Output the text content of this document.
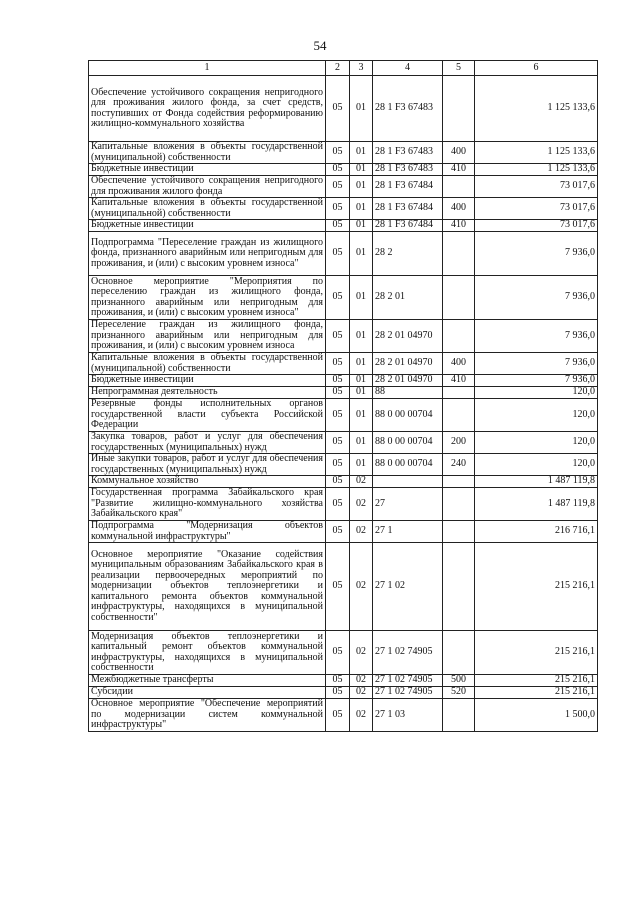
54
1	2	3	4	5	6
Обеспечение устойчивого сокращения непригодного для проживания жилого фонда, за счет средств, поступивших от Фонда содействия реформированию жилищно-коммунального хозяйства	05	01	28 1 F3 67483		1 125 133,6
Капитальные вложения в объекты государственной (муниципальной) собственности	05	01	28 1 F3 67483	400	1 125 133,6
Бюджетные инвестиции	05	01	28 1 F3 67483	410	1 125 133,6
Обеспечение устойчивого сокращения непригодного для проживания жилого фонда	05	01	28 1 F3 67484		73 017,6
Капитальные вложения в объекты государственной (муниципальной) собственности	05	01	28 1 F3 67484	400	73 017,6
Бюджетные инвестиции	05	01	28 1 F3 67484	410	73 017,6
Подпрограмма "Переселение граждан из жилищного фонда, признанного аварийным или непригодным для проживания, и (или) с высоким уровнем износа"	05	01	28 2		7 936,0
Основное мероприятие "Мероприятия по переселению граждан из жилищного фонда, признанного аварийным или непригодным для проживания, и (или) с высоким уровнем износа"	05	01	28 2 01		7 936,0
Переселение граждан из жилищного фонда, признанного аварийным или непригодным для проживания, и (или) с высоким уровнем износа	05	01	28 2 01 04970		7 936,0
Капитальные вложения в объекты государственной (муниципальной) собственности	05	01	28 2 01 04970	400	7 936,0
Бюджетные инвестиции	05	01	28 2 01 04970	410	7 936,0
Непрограммная деятельность	05	01	88		120,0
Резервные фонды исполнительных органов государственной власти субъекта Российской Федерации	05	01	88 0 00 00704		120,0
Закупка товаров, работ и услуг для обеспечения государственных (муниципальных) нужд	05	01	88 0 00 00704	200	120,0
Иные закупки товаров, работ и услуг для обеспечения государственных (муниципальных) нужд	05	01	88 0 00 00704	240	120,0
Коммунальное хозяйство	05	02			1 487 119,8
Государственная программа Забайкальского края "Развитие жилищно-коммунального хозяйства Забайкальского края"	05	02	27		1 487 119,8
Подпрограмма "Модернизация объектов коммунальной инфраструктуры"	05	02	27 1		216 716,1
Основное мероприятие "Оказание содействия муниципальным образованиям Забайкальского края в реализации первоочередных мероприятий по модернизации объектов теплоэнергетики и капитального ремонта объектов коммунальной инфраструктуры, находящихся в муниципальной собственности"	05	02	27 1 02		215 216,1
Модернизация объектов теплоэнергетики и капитальный ремонт объектов коммунальной инфраструктуры, находящихся в муниципальной собственности	05	02	27 1 02 74905		215 216,1
Межбюджетные трансферты	05	02	27 1 02 74905	500	215 216,1
Субсидии	05	02	27 1 02 74905	520	215 216,1
Основное мероприятие "Обеспечение мероприятий по модернизации систем коммунальной инфраструктуры"	05	02	27 1 03		1 500,0
